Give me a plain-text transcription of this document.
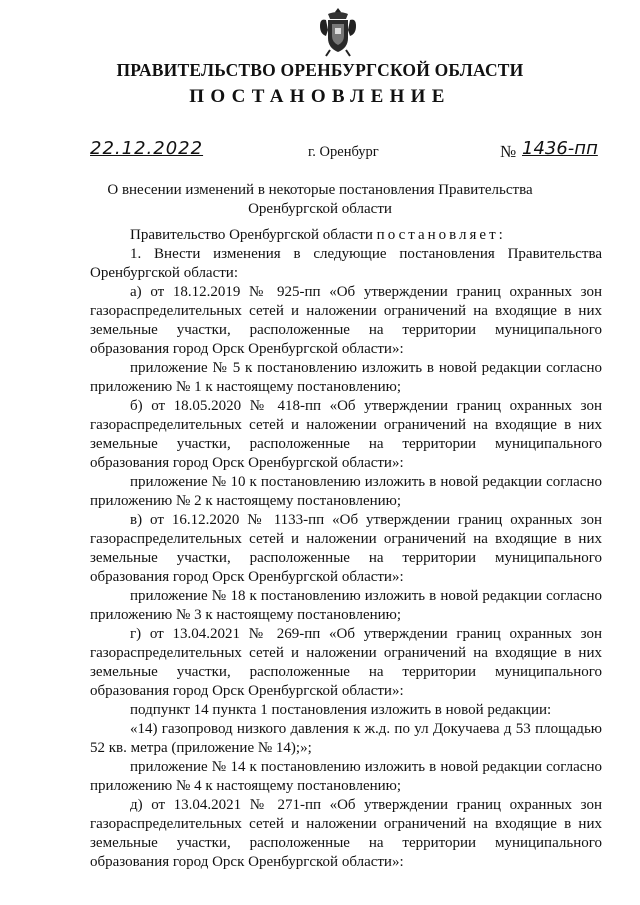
ПРАВИТЕЛЬСТВО ОРЕНБУРГСКОЙ ОБЛАСТИ
ПОСТАНОВЛЕНИЕ
22.12.2022	г. Оренбург	№ 1436-пп
О внесении изменений в некоторые постановления Правительства
Оренбургской области
Правительство Оренбургской области постановляет:
1. Внести изменения в следующие постановления Правительства
Оренбургской области:
а) от 18.12.2019 № 925-пп «Об утверждении границ охранных зон
газораспределительных сетей и наложении ограничений на входящие в них
земельные участки, расположенные на территории муниципального
образования город Орск Оренбургской области»:
приложение № 5 к постановлению изложить в новой редакции согласно
приложению № 1 к настоящему постановлению;
б) от 18.05.2020 № 418-пп «Об утверждении границ охранных зон
газораспределительных сетей и наложении ограничений на входящие в них
земельные участки, расположенные на территории муниципального
образования город Орск Оренбургской области»:
приложение № 10 к постановлению изложить в новой редакции согласно
приложению № 2 к настоящему постановлению;
в) от 16.12.2020 № 1133-пп «Об утверждении границ охранных зон
газораспределительных сетей и наложении ограничений на входящие в них
земельные участки, расположенные на территории муниципального
образования город Орск Оренбургской области»:
приложение № 18 к постановлению изложить в новой редакции согласно
приложению № 3 к настоящему постановлению;
г) от 13.04.2021 № 269-пп «Об утверждении границ охранных зон
газораспределительных сетей и наложении ограничений на входящие в них
земельные участки, расположенные на территории муниципального
образования город Орск Оренбургской области»:
подпункт 14 пункта 1 постановления изложить в новой редакции:
«14) газопровод низкого давления к ж.д. по ул Докучаева д 53 площадью
52 кв. метра (приложение № 14);»;
приложение № 14 к постановлению изложить в новой редакции согласно
приложению № 4 к настоящему постановлению;
д) от 13.04.2021 № 271-пп «Об утверждении границ охранных зон
газораспределительных сетей и наложении ограничений на входящие в них
земельные участки, расположенные на территории муниципального
образования город Орск Оренбургской области»:
